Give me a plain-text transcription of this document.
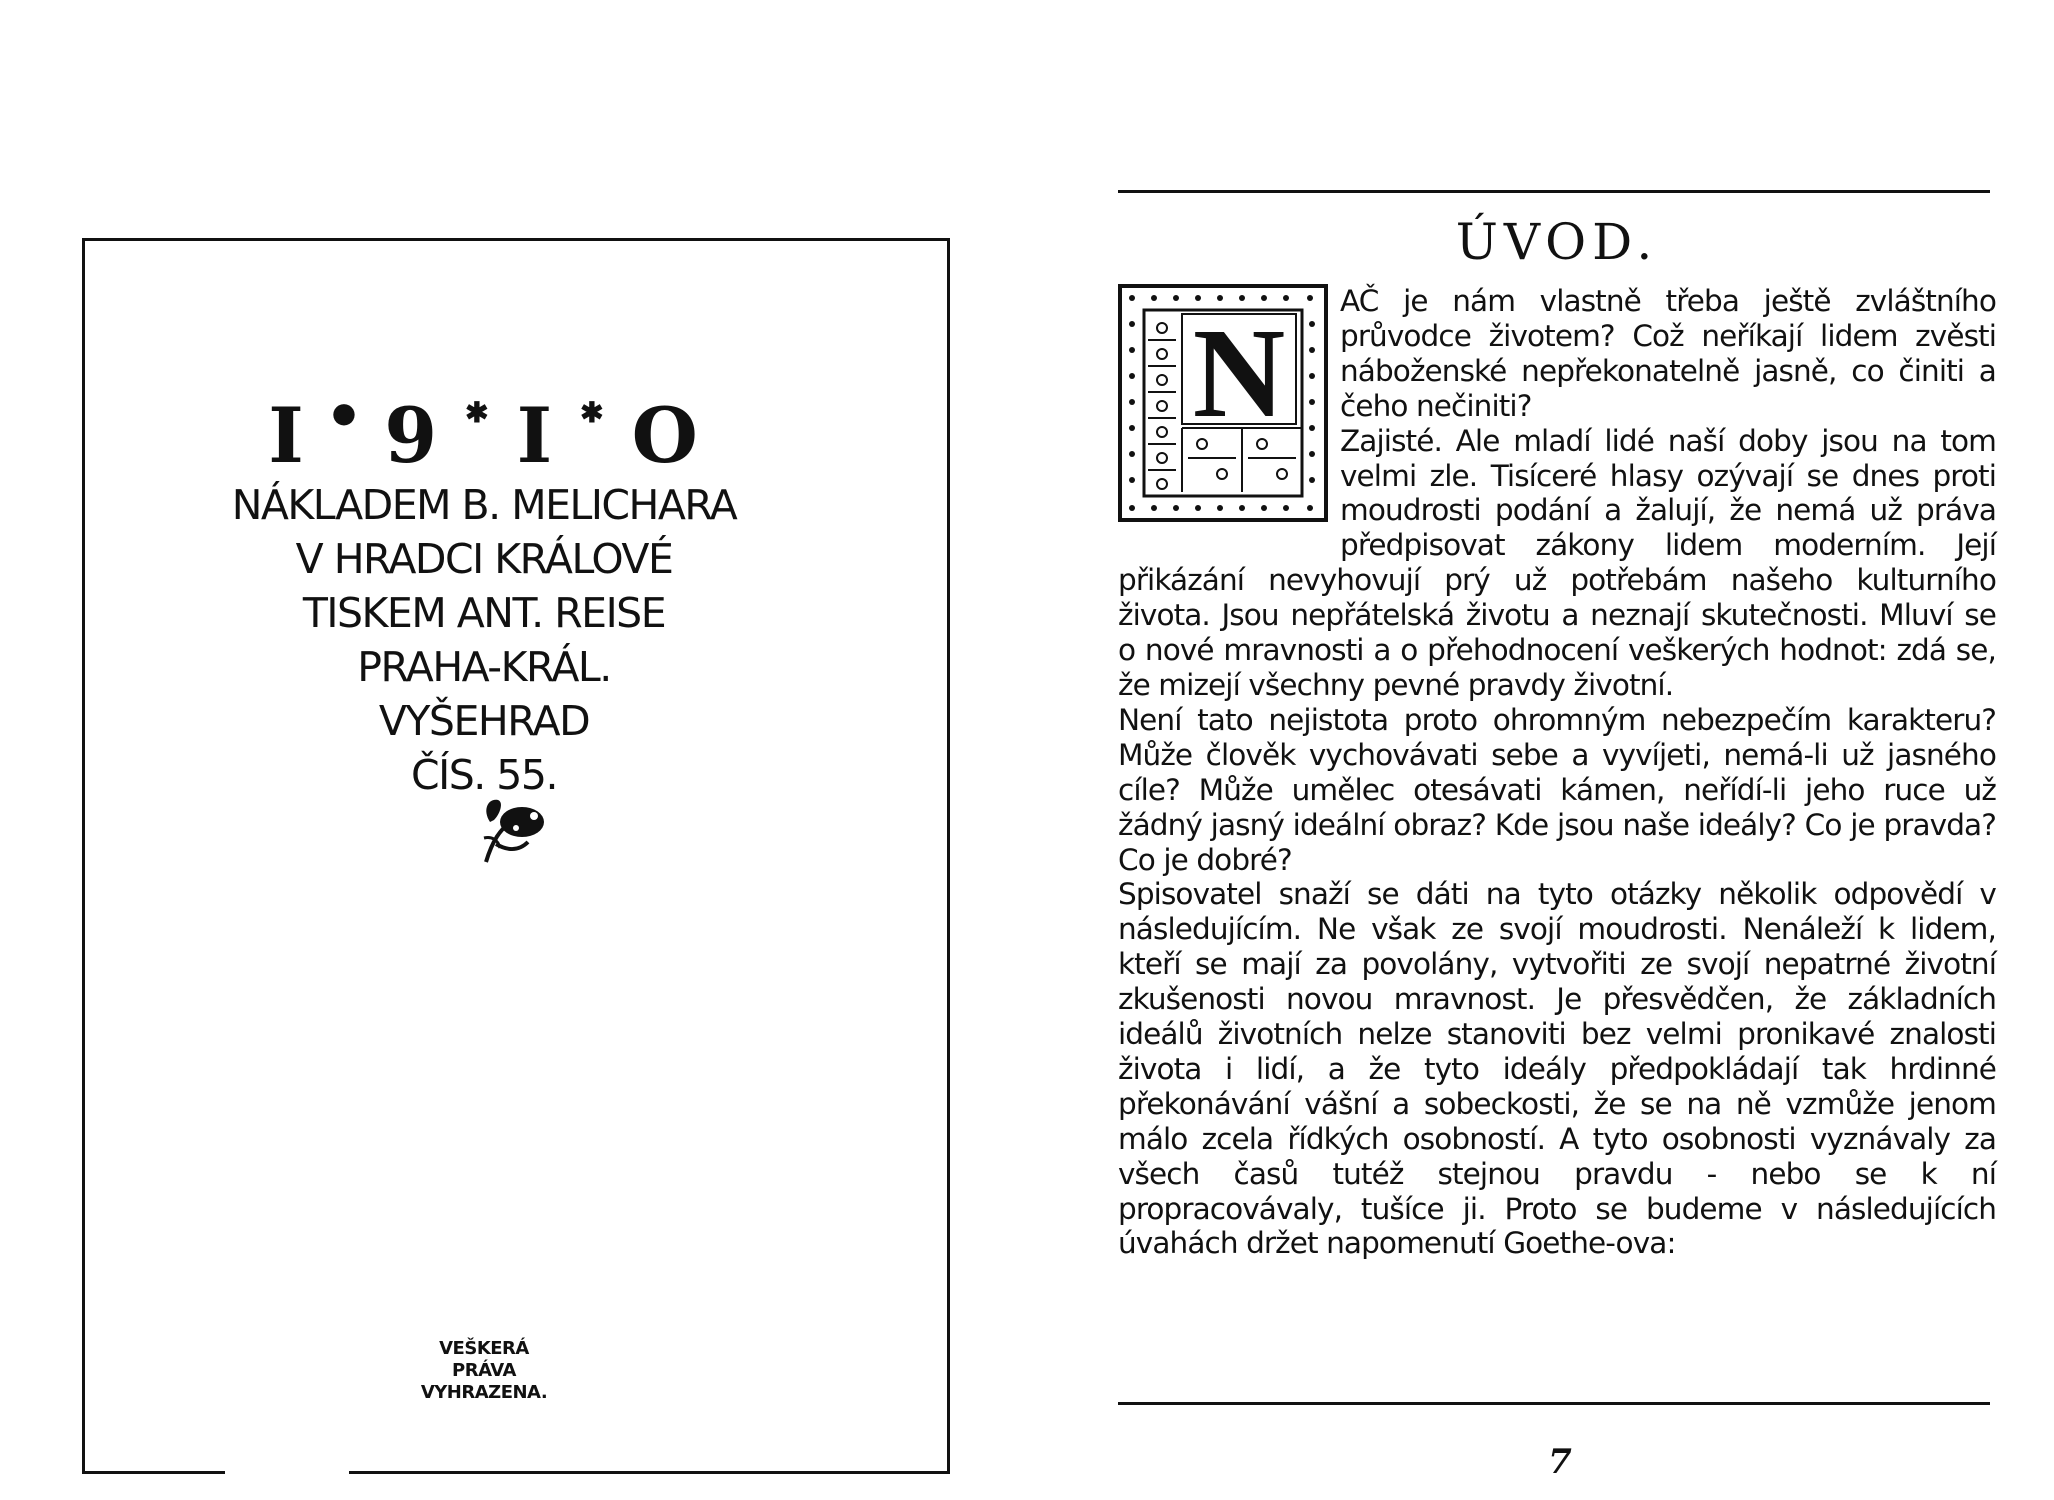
I ● 9 ✱ I ✱ O
NÁKLADEM B. MELICHARA
V HRADCI KRÁLOVÉ
TISKEM ANT. REISE
PRAHA-KRÁL.
VYŠEHRAD
ČÍS. 55.
VEŠKERÁ
PRÁVA
VYHRAZENA.
ÚVOD.
N
AČ je nám vlastně třeba ještě zvláštního průvodce životem? Což neříkají lidem zvěsti náboženské nepřekonatelně jasně, co činiti a čeho nečiniti?
Zajisté. Ale mladí lidé naší doby jsou na tom velmi zle. Tisíceré hlasy ozývají se dnes proti moudrosti podání a žalují, že nemá už práva předpisovat zákony lidem moderním. Její přikázání nevyhovují prý už potřebám našeho kulturního života. Jsou nepřátelská životu a neznají skutečnosti. Mluví se o nové mravnosti a o přehodnocení veškerých hodnot: zdá se, že mizejí všechny pevné pravdy životní.
Není tato nejistota proto ohromným nebezpečím karakteru? Může člověk vychovávati sebe a vyvíjeti, nemá-li už jasného cíle? Může umělec otesávati kámen, neřídí-li jeho ruce už žádný jasný ideální obraz? Kde jsou naše ideály? Co je pravda? Co je dobré?
Spisovatel snaží se dáti na tyto otázky několik odpovědí v následujícím. Ne však ze svojí moudrosti. Nenáleží k lidem, kteří se mají za povolány, vytvořiti ze svojí nepatrné životní zkušenosti novou mravnost. Je přesvědčen, že základních ideálů životních nelze stanoviti bez velmi pronikavé znalosti života i lidí, a že tyto ideály předpokládají tak hrdinné překonávání vášní a sobeckosti, že se na ně vzmůže jenom málo zcela řídkých osobností. A tyto osobnosti vyznávaly za všech časů tutéž stejnou pravdu - nebo se k ní propracovávaly, tušíce ji. Proto se budeme v následujících úvahách držet napomenutí Goethe-ova:
7
